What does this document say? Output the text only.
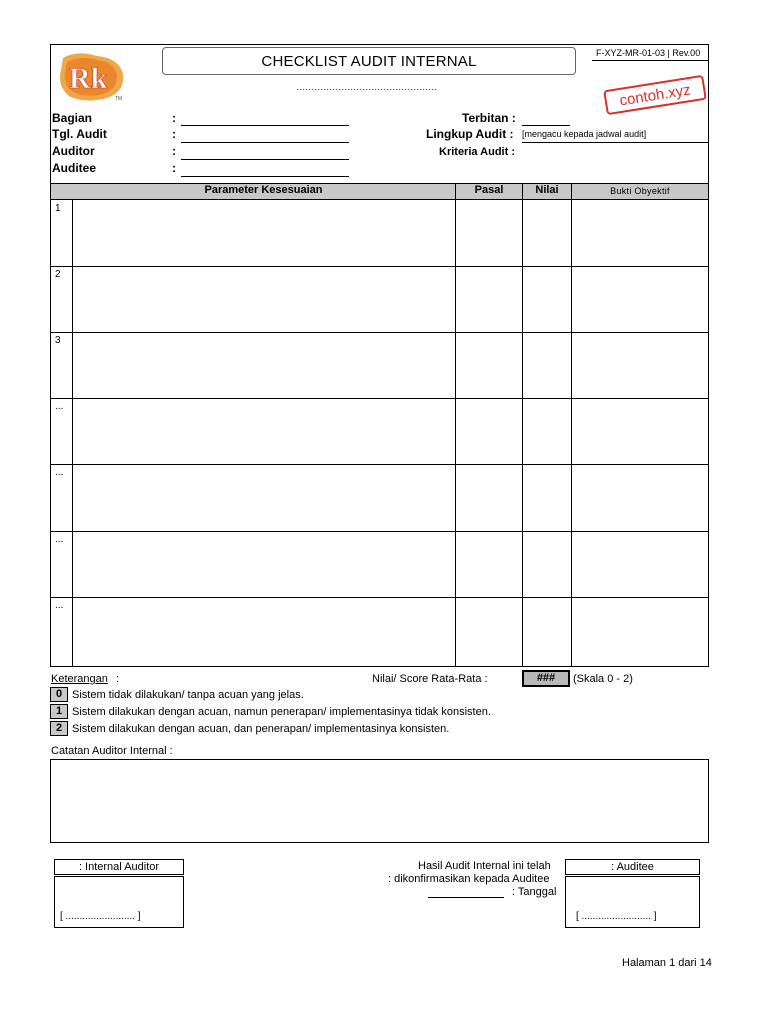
Rk
TM
CHECKLIST AUDIT INTERNAL
...............................................
F-XYZ-MR-01-03 | Rev.00
contoh.xyz
Bagian	:
Tgl. Audit	:
Auditor	:
Auditee	:
Terbitan :
Lingkup Audit : [mengacu kepada jadwal audit]
Kriteria Audit :
Parameter Kesesuaian	Pasal	Nilai	Bukti Obyektif
1
2
3
...
...
...
...
Keterangan :	Nilai/ Score Rata-Rata :	###	(Skala 0 - 2)
0 Sistem tidak dilakukan/ tanpa acuan yang jelas.
1 Sistem dilakukan dengan acuan, namun penerapan/ implementasinya tidak konsisten.
2 Sistem dilakukan dengan acuan, dan penerapan/ implementasinya konsisten.
Catatan Auditor Internal :
: Internal Auditor
[ ......................... ]
Hasil Audit Internal ini telah
: dikonfirmasikan kepada Auditee
: Tanggal
: Auditee
[ ......................... ]
Halaman 1 dari 14
